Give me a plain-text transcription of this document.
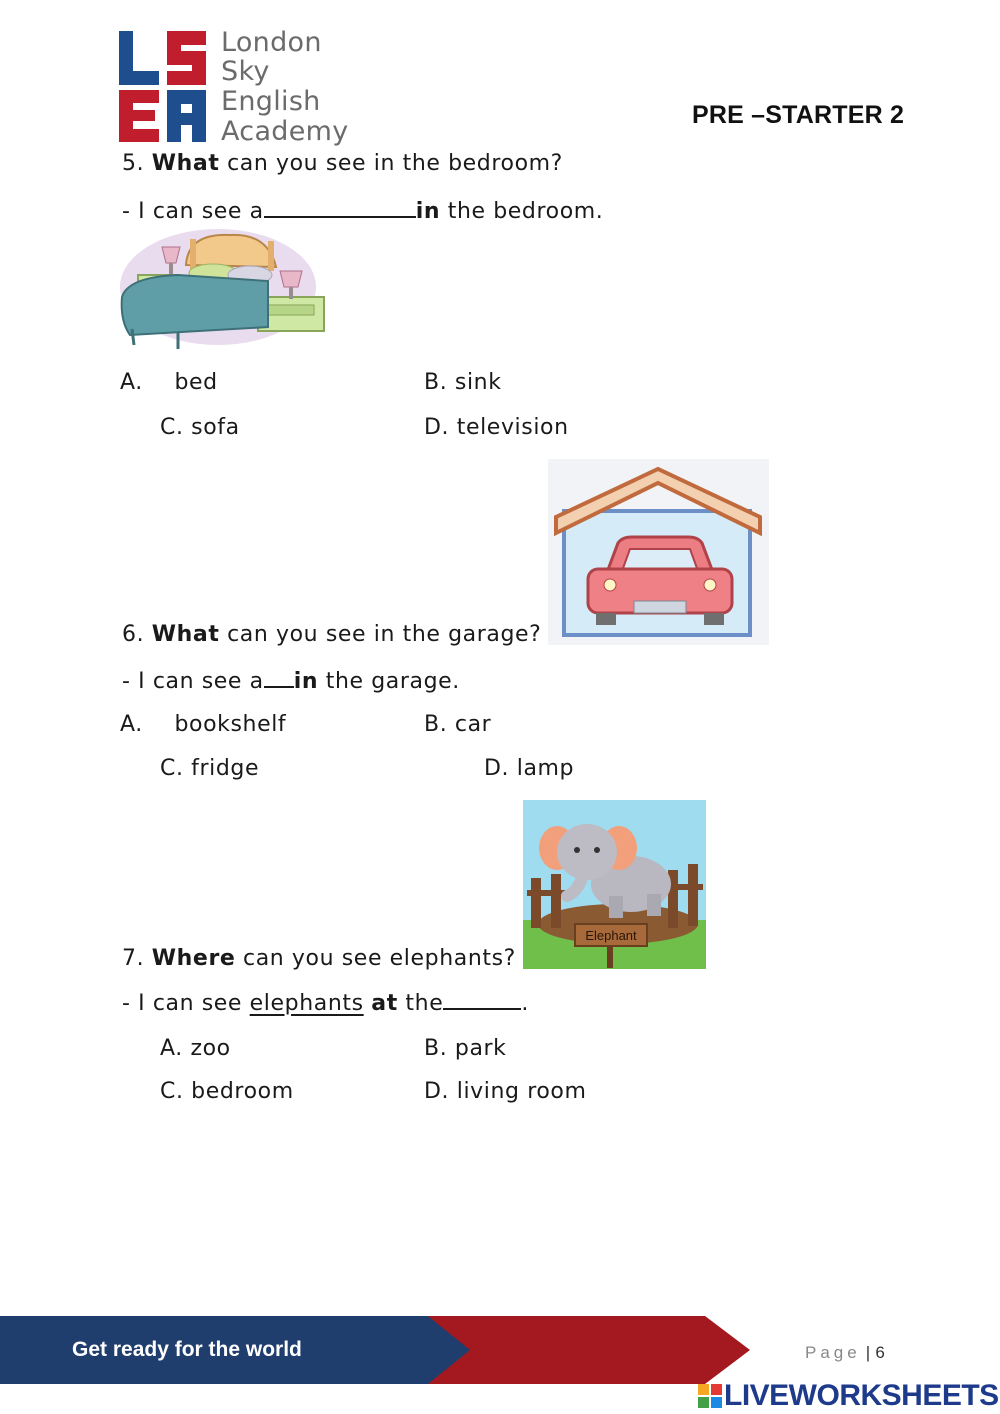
London
Sky
English
Academy
PRE –STARTER 2
5. What can you see in the bedroom?
- I can see a	in the bedroom.
A. bed	B. sink
C. sofa	D. television
6. What can you see in the garage?
- I can see a in the garage.
A. bookshelf	B. car
C. fridge	D. lamp
Elephant
7. Where can you see elephants?
- I can see elephants at the	.
A. zoo	B. park
C. bedroom	D. living room
Get ready for the world	Page | 6
LIVEWORKSHEETS
